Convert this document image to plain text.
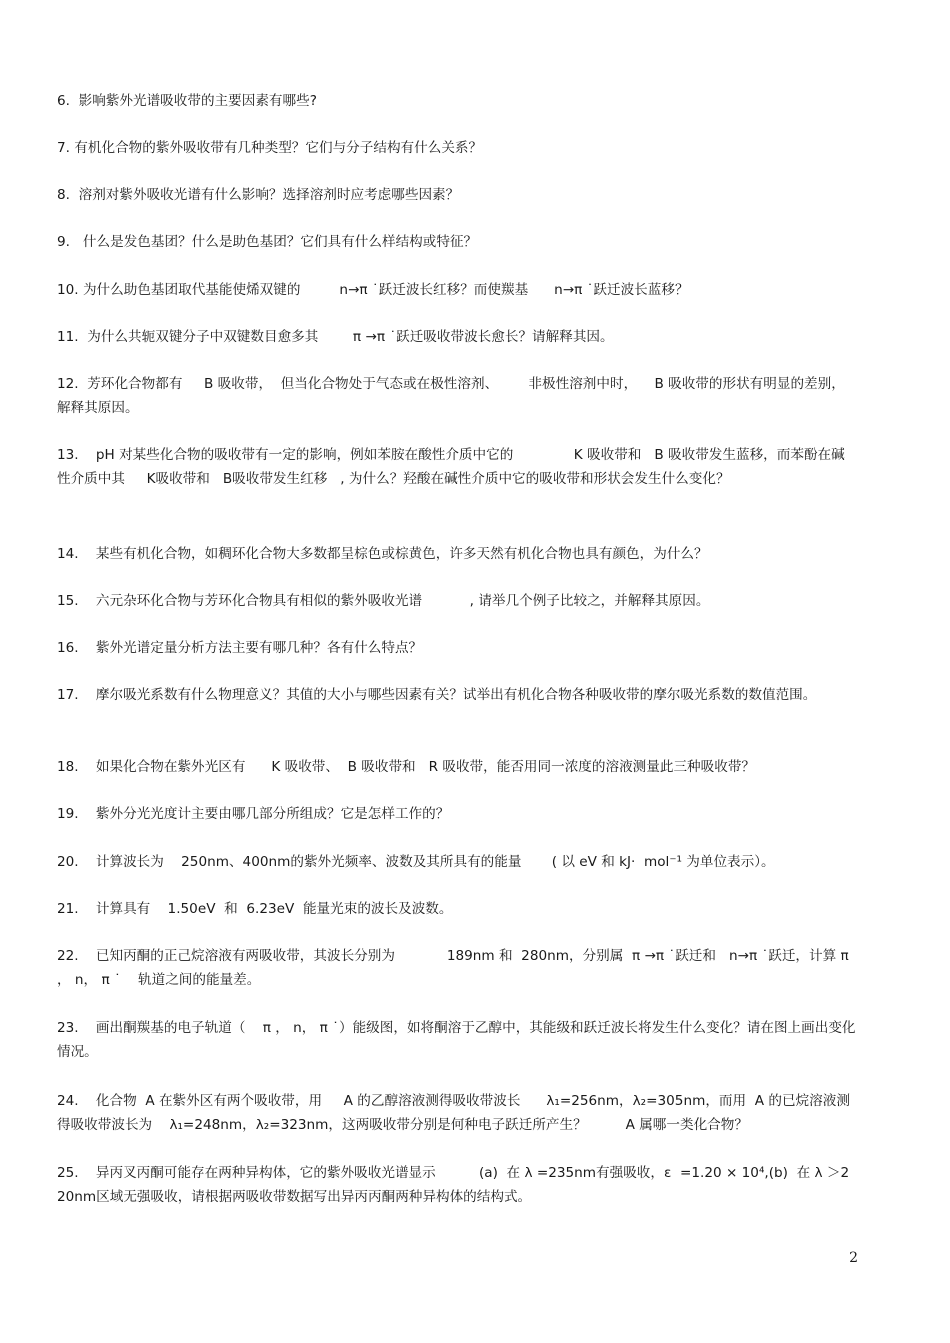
6.  影响紫外光谱吸收带的主要因素有哪些?
7. 有机化合物的紫外吸收带有几种类型？它们与分子结构有什么关系？
8.  溶剂对紫外吸收光谱有什么影响？选择溶剂时应考虑哪些因素？
9.   什么是发色基团？什么是助色基团？它们具有什么样结构或特征？
10. 为什么助色基团取代基能使烯双键的         n→π ˙跃迁波长红移？而使羰基      n→π ˙跃迁波长蓝移？
11.  为什么共轭双键分子中双键数目愈多其        π →π ˙跃迁吸收带波长愈长？请解释其因。
12.  芳环化合物都有     B 吸收带，  但当化合物处于气态或在极性溶剂、       非极性溶剂中时，    B 吸收带的形状有明显的差别，解释其原因。
13.    pH 对某些化合物的吸收带有一定的影响，例如苯胺在酸性介质中它的              K 吸收带和   B 吸收带发生蓝移，而苯酚在碱性介质中其     K吸收带和   B吸收带发生红移   , 为什么？羟酸在碱性介质中它的吸收带和形状会发生什么变化？
14.    某些有机化合物，如稠环化合物大多数都呈棕色或棕黄色，许多天然有机化合物也具有颜色，为什么？
15.    六元杂环化合物与芳环化合物具有相似的紫外吸收光谱           , 请举几个例子比较之，并解释其原因。
16.    紫外光谱定量分析方法主要有哪几种？各有什么特点？
17.    摩尔吸光系数有什么物理意义？其值的大小与哪些因素有关？试举出有机化合物各种吸收带的摩尔吸光系数的数值范围。
18.    如果化合物在紫外光区有      K 吸收带、  B 吸收带和   R 吸收带，能否用同一浓度的溶液测量此三种吸收带？
19.    紫外分光光度计主要由哪几部分所组成？它是怎样工作的？
20.    计算波长为    250nm、400nm的紫外光频率、波数及其所具有的能量       ( 以 eV 和 kJ·  mol⁻¹ 为单位表示）。
21.    计算具有    1.50eV  和  6.23eV  能量光束的波长及波数。
22.    已知丙酮的正己烷溶液有两吸收带，其波长分别为            189nm 和  280nm，分别属  π →π ˙跃迁和   n→π ˙跃迁，计算 π ， n， π ˙    轨道之间的能量差。
23.    画出酮羰基的电子轨道（    π ， n， π ˙）能级图，如将酮溶于乙醇中，其能级和跃迁波长将发生什么变化？请在图上画出变化情况。
24.    化合物  A 在紫外区有两个吸收带，用     A 的乙醇溶液测得吸收带波长      λ₁=256nm，λ₂=305nm，而用  A 的已烷溶液测得吸收带波长为    λ₁=248nm，λ₂=323nm，这两吸收带分别是何种电子跃迁所产生？         A 属哪一类化合物？
25.    异丙叉丙酮可能存在两种异构体，它的紫外吸收光谱显示          (a)  在 λ =235nm有强吸收，ε  =1.20 × 10⁴,(b)  在 λ ＞220nm区域无强吸收，请根据两吸收带数据写出异丙丙酮两种异构体的结构式。
2
